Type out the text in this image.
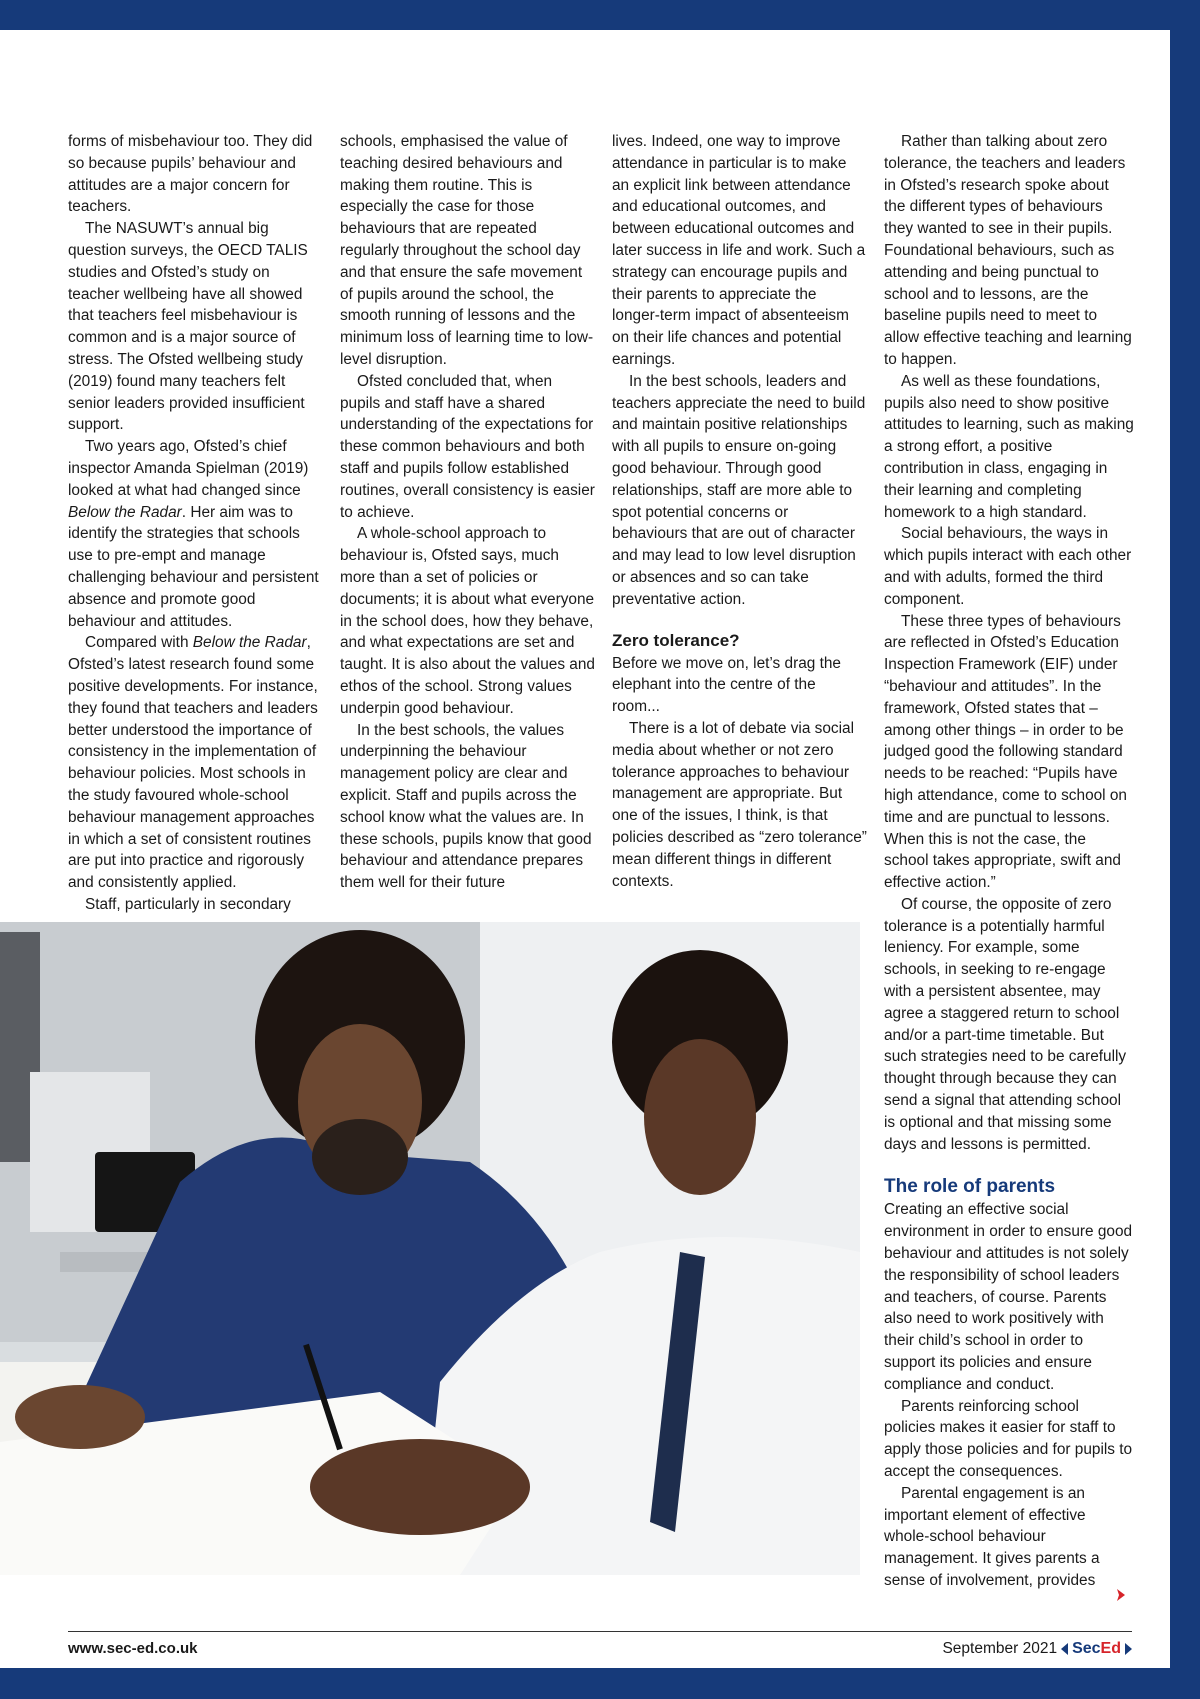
forms of misbehaviour too. They did so because pupils’ behaviour and attitudes are a major concern for teachers.

The NASUWT’s annual big question surveys, the OECD TALIS studies and Ofsted’s study on teacher wellbeing have all showed that teachers feel misbehaviour is common and is a major source of stress. The Ofsted wellbeing study (2019) found many teachers felt senior leaders provided insufficient support.

Two years ago, Ofsted’s chief inspector Amanda Spielman (2019) looked at what had changed since Below the Radar. Her aim was to identify the strategies that schools use to pre-empt and manage challenging behaviour and persistent absence and promote good behaviour and attitudes.

Compared with Below the Radar, Ofsted’s latest research found some positive developments. For instance, they found that teachers and leaders better understood the importance of consistency in the implementation of behaviour policies. Most schools in the study favoured whole-school behaviour management approaches in which a set of consistent routines are put into practice and rigorously and consistently applied.

Staff, particularly in secondary

schools, emphasised the value of teaching desired behaviours and making them routine. This is especially the case for those behaviours that are repeated regularly throughout the school day and that ensure the safe movement of pupils around the school, the smooth running of lessons and the minimum loss of learning time to low-level disruption.

Ofsted concluded that, when pupils and staff have a shared understanding of the expectations for these common behaviours and both staff and pupils follow established routines, overall consistency is easier to achieve.

A whole-school approach to behaviour is, Ofsted says, much more than a set of policies or documents; it is about what everyone in the school does, how they behave, and what expectations are set and taught. It is also about the values and ethos of the school. Strong values underpin good behaviour.

In the best schools, the values underpinning the behaviour management policy are clear and explicit. Staff and pupils across the school know what the values are. In these schools, pupils know that good behaviour and attendance prepares them well for their future

lives. Indeed, one way to improve attendance in particular is to make an explicit link between attendance and educational outcomes, and between educational outcomes and later success in life and work. Such a strategy can encourage pupils and their parents to appreciate the longer-term impact of absenteeism on their life chances and potential earnings.

In the best schools, leaders and teachers appreciate the need to build and maintain positive relationships with all pupils to ensure on-going good behaviour. Through good relationships, staff are more able to spot potential concerns or behaviours that are out of character and may lead to low level disruption or absences and so can take preventative action.

Zero tolerance?

Before we move on, let’s drag the elephant into the centre of the room...

There is a lot of debate via social media about whether or not zero tolerance approaches to behaviour management are appropriate. But one of the issues, I think, is that policies described as “zero tolerance” mean different things in different contexts.

Rather than talking about zero tolerance, the teachers and leaders in Ofsted’s research spoke about the different types of behaviours they wanted to see in their pupils. Foundational behaviours, such as attending and being punctual to school and to lessons, are the baseline pupils need to meet to allow effective teaching and learning to happen.

As well as these foundations, pupils also need to show positive attitudes to learning, such as making a strong effort, a positive contribution in class, engaging in their learning and completing homework to a high standard.

Social behaviours, the ways in which pupils interact with each other and with adults, formed the third component.

These three types of behaviours are reflected in Ofsted’s Education Inspection Framework (EIF) under “behaviour and attitudes”. In the framework, Ofsted states that – among other things – in order to be judged good the following standard needs to be reached: “Pupils have high attendance, come to school on time and are punctual to lessons. When this is not the case, the school takes appropriate, swift and effective action.”

Of course, the opposite of zero tolerance is a potentially harmful leniency. For example, some schools, in seeking to re-engage with a persistent absentee, may agree a staggered return to school and/or a part-time timetable. But such strategies need to be carefully thought through because they can send a signal that attending school is optional and that missing some days and lessons is permitted.

The role of parents

Creating an effective social environment in order to ensure good behaviour and attitudes is not solely the responsibility of school leaders and teachers, of course. Parents also need to work positively with their child’s school in order to support its policies and ensure compliance and conduct.

Parents reinforcing school policies makes it easier for staff to apply those policies and for pupils to accept the consequences.

Parental engagement is an important element of effective whole-school behaviour management. It gives parents a sense of involvement, provides

www.sec-ed.co.uk	September 2021 SecEd
